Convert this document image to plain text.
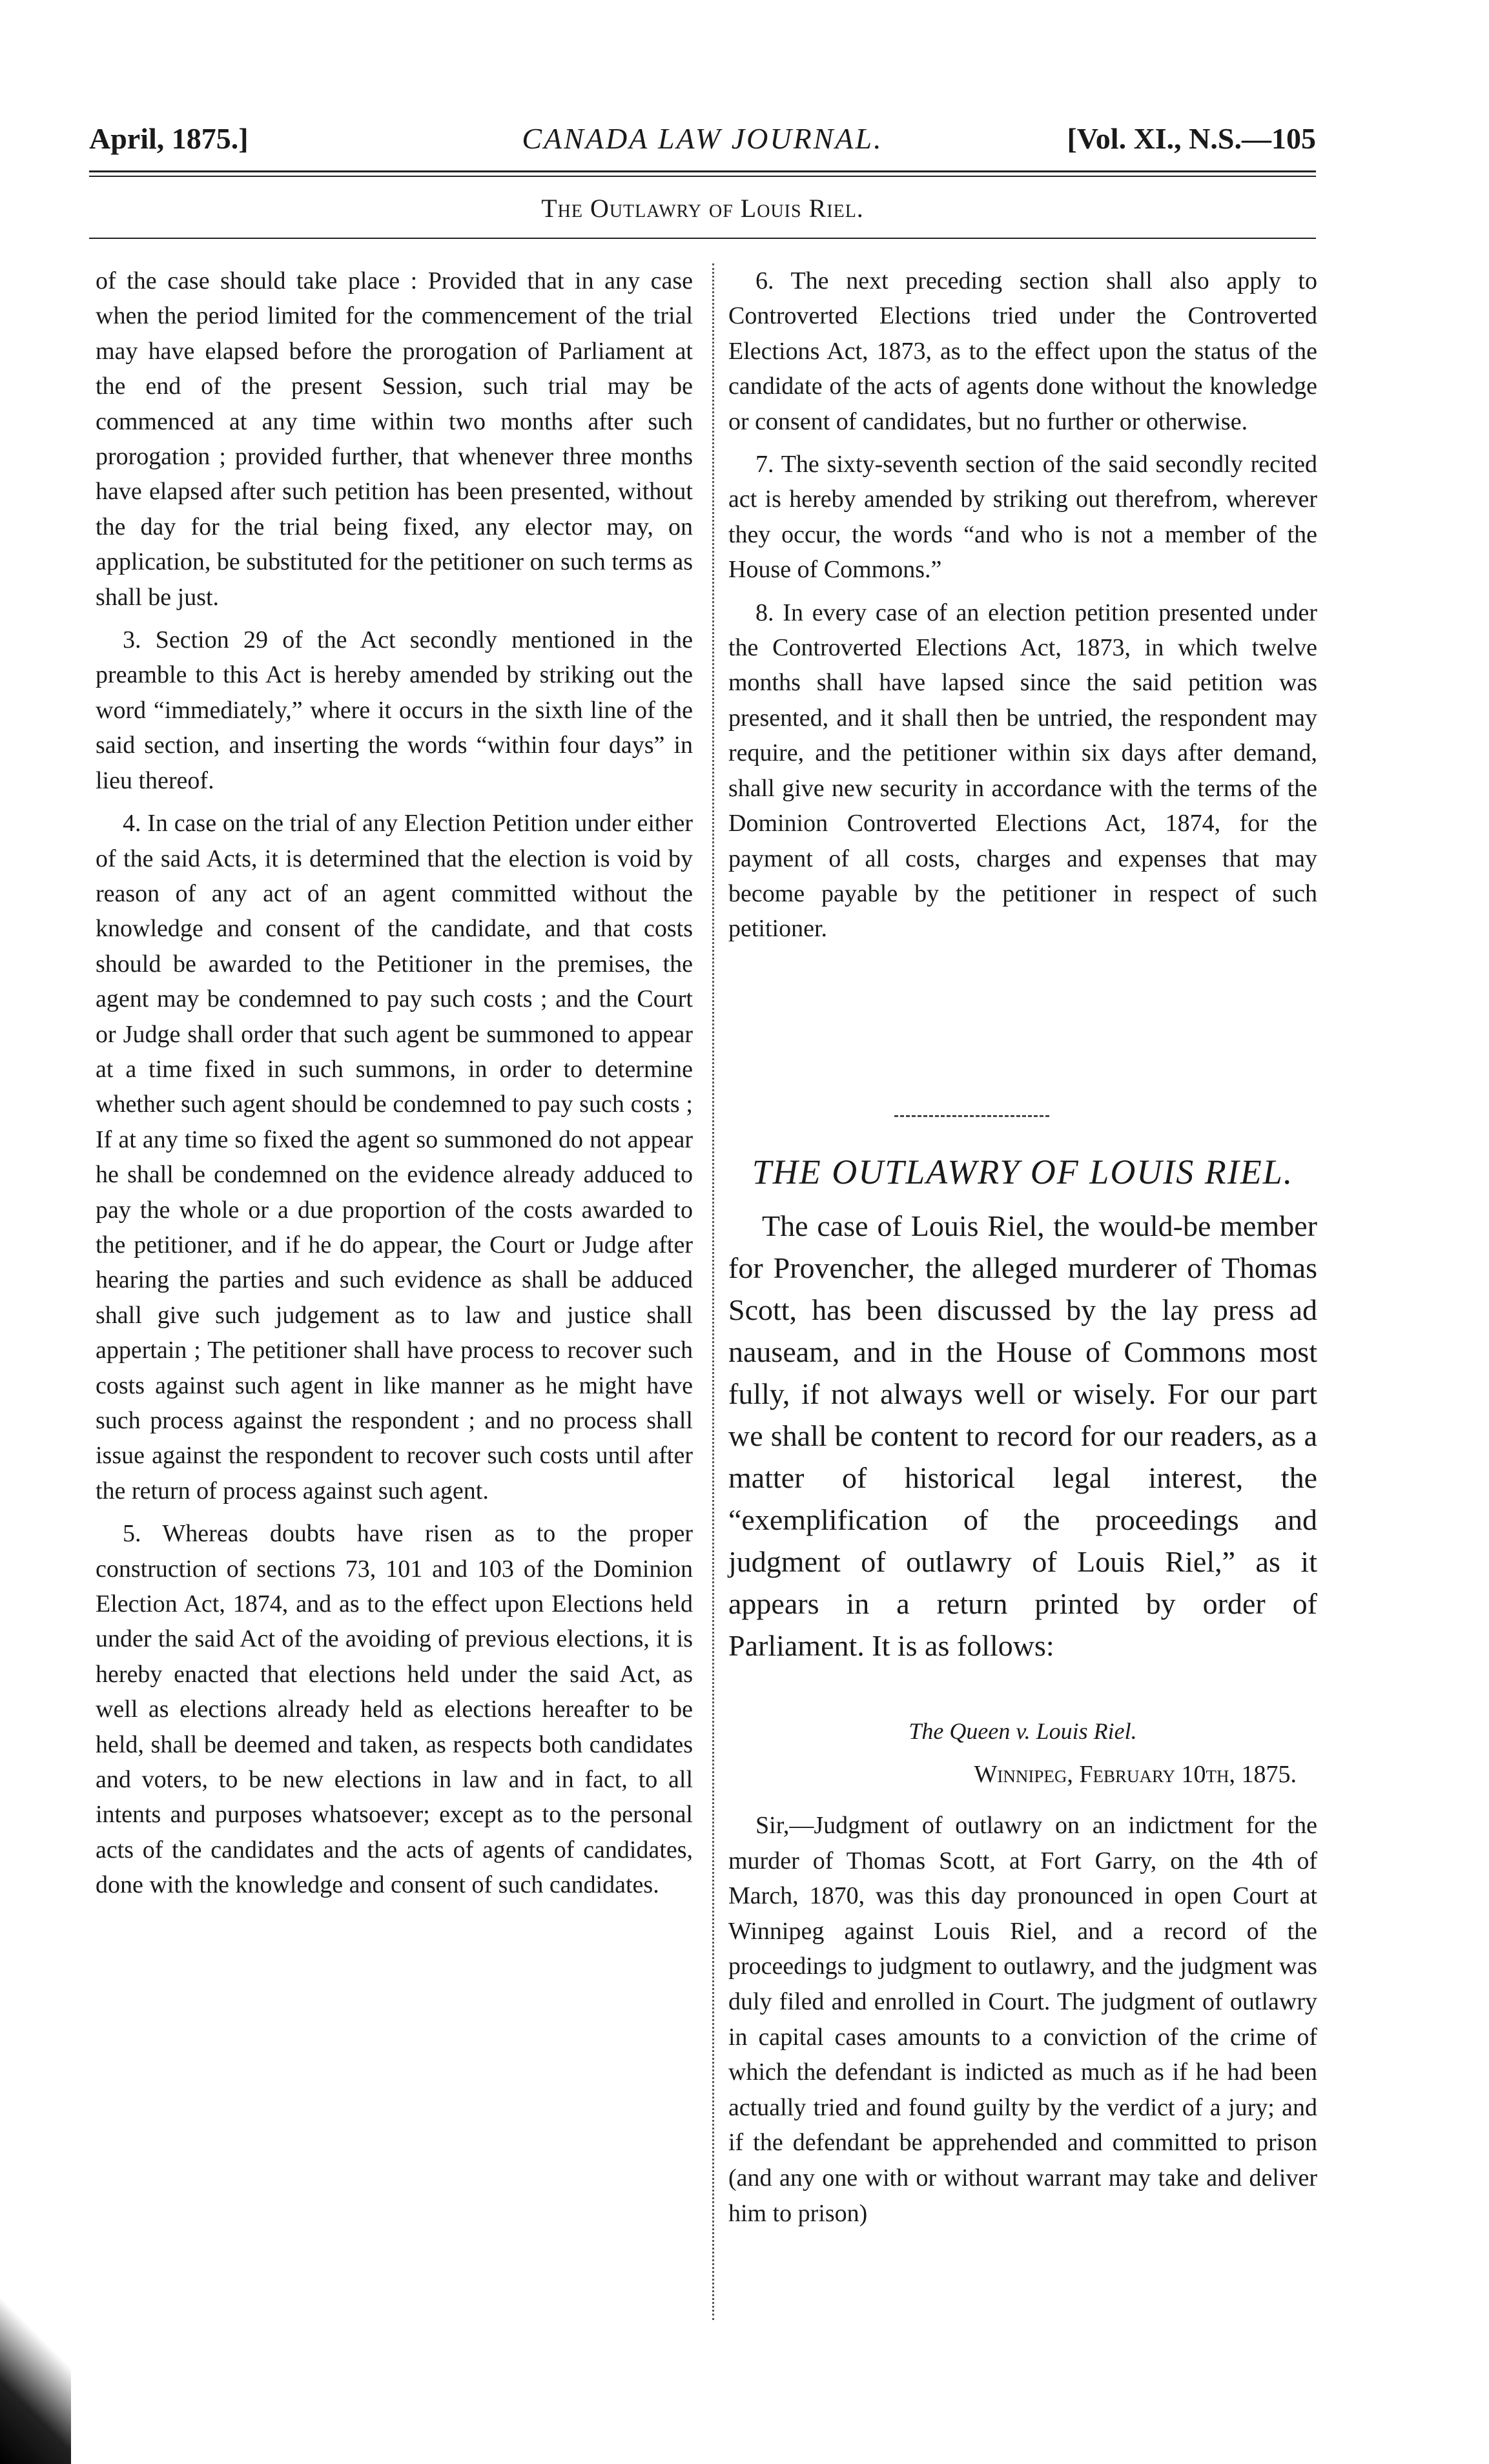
April, 1875.]	CANADA LAW JOURNAL.	[Vol. XI., N.S.—105
The Outlawry of Louis Riel.

of the case should take place : Provided that in any case when the period limited for the commencement of the trial may have elapsed before the prorogation of Parliament at the end of the present Session, such trial may be commenced at any time within two months after such prorogation ; provided further, that whenever three months have elapsed after such petition has been presented, without the day for the trial being fixed, any elector may, on application, be substituted for the petitioner on such terms as shall be just.

3. Section 29 of the Act secondly mentioned in the preamble to this Act is hereby amended by striking out the word “immediately,” where it occurs in the sixth line of the said section, and inserting the words “within four days” in lieu thereof.

4. In case on the trial of any Election Petition under either of the said Acts, it is determined that the election is void by reason of any act of an agent committed without the knowledge and consent of the candidate, and that costs should be awarded to the Petitioner in the premises, the agent may be condemned to pay such costs ; and the Court or Judge shall order that such agent be summoned to appear at a time fixed in such summons, in order to determine whether such agent should be condemned to pay such costs ; If at any time so fixed the agent so summoned do not appear he shall be condemned on the evidence already adduced to pay the whole or a due proportion of the costs awarded to the petitioner, and if he do appear, the Court or Judge after hearing the parties and such evidence as shall be adduced shall give such judgement as to law and justice shall appertain ; The petitioner shall have process to recover such costs against such agent in like manner as he might have such process against the respondent ; and no process shall issue against the respondent to recover such costs until after the return of process against such agent.

5. Whereas doubts have risen as to the proper construction of sections 73, 101 and 103 of the Dominion Election Act, 1874, and as to the effect upon Elections held under the said Act of the avoiding of previous elections, it is hereby enacted that elections held under the said Act, as well as elections already held as elections hereafter to be held, shall be deemed and taken, as respects both candidates and voters, to be new elections in law and in fact, to all intents and purposes whatsoever; except as to the personal acts of the candidates and the acts of agents of candidates, done with the knowledge and consent of such candidates.

6. The next preceding section shall also apply to Controverted Elections tried under the Controverted Elections Act, 1873, as to the effect upon the status of the candidate of the acts of agents done without the knowledge or consent of candidates, but no further or otherwise.

7. The sixty-seventh section of the said secondly recited act is hereby amended by striking out therefrom, wherever they occur, the words “and who is not a member of the House of Commons.”

8. In every case of an election petition presented under the Controverted Elections Act, 1873, in which twelve months shall have lapsed since the said petition was presented, and it shall then be untried, the respondent may require, and the petitioner within six days after demand, shall give new security in accordance with the terms of the Dominion Controverted Elections Act, 1874, for the payment of all costs, charges and expenses that may become payable by the petitioner in respect of such petitioner.

THE OUTLAWRY OF LOUIS RIEL.

The case of Louis Riel, the would-be member for Provencher, the alleged murderer of Thomas Scott, has been discussed by the lay press ad nauseam, and in the House of Commons most fully, if not always well or wisely. For our part we shall be content to record for our readers, as a matter of historical legal interest, the “exemplification of the proceedings and judgment of outlawry of Louis Riel,” as it appears in a return printed by order of Parliament. It is as follows:

The Queen v. Louis Riel.
Winnipeg, February 10th, 1875.

Sir,—Judgment of outlawry on an indictment for the murder of Thomas Scott, at Fort Garry, on the 4th of March, 1870, was this day pronounced in open Court at Winnipeg against Louis Riel, and a record of the proceedings to judgment to outlawry, and the judgment was duly filed and enrolled in Court. The judgment of outlawry in capital cases amounts to a conviction of the crime of which the defendant is indicted as much as if he had been actually tried and found guilty by the verdict of a jury; and if the defendant be apprehended and committed to prison (and any one with or without warrant may take and deliver him to prison)
